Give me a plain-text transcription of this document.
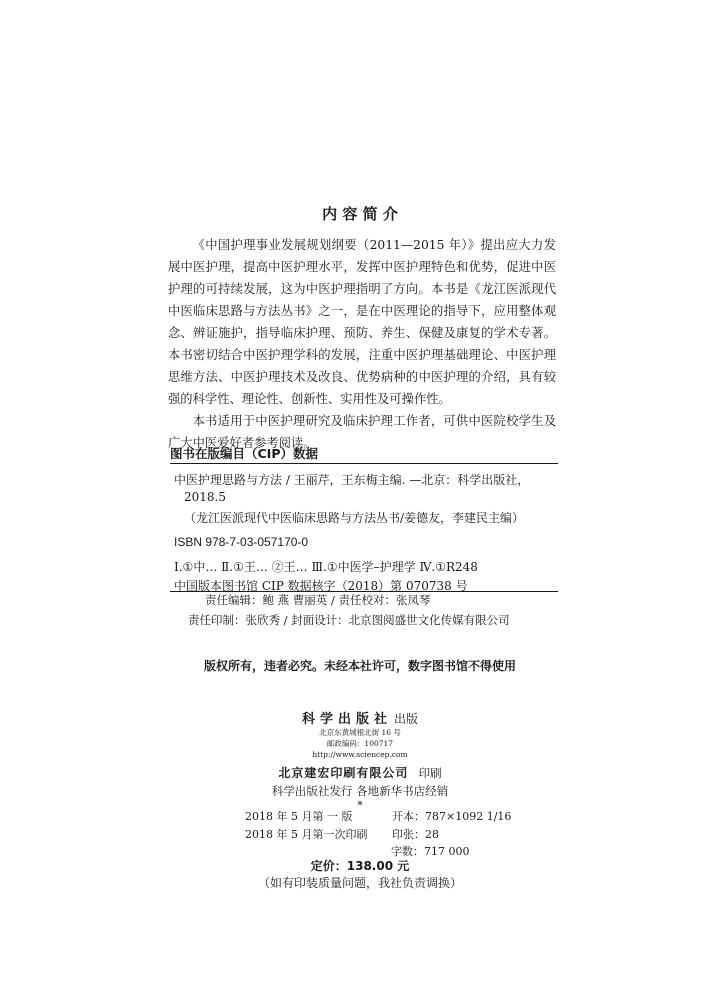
内 容 简 介

《中国护理事业发展规划纲要（2011—2015 年）》提出应大力发展中医护理，提高中医护理水平，发挥中医护理特色和优势，促进中医护理的可持续发展，这为中医护理指明了方向。本书是《龙江医派现代中医临床思路与方法丛书》之一，是在中医理论的指导下，应用整体观念、辨证施护，指导临床护理、预防、养生、保健及康复的学术专著。本书密切结合中医护理学科的发展，注重中医护理基础理论、中医护理思维方法、中医护理技术及改良、优势病种的中医护理的介绍，具有较强的科学性、理论性、创新性、实用性及可操作性。

本书适用于中医护理研究及临床护理工作者，可供中医院校学生及广大中医爱好者参考阅读。

图书在版编目（CIP）数据
中医护理思路与方法 / 王丽芹，王东梅主编. —北京：科学出版社，
2018.5
（龙江医派现代中医临床思路与方法丛书/姜德友，李建民主编）
ISBN 978-7-03-057170-0
Ⅰ.①中… Ⅱ.①王… ②王… Ⅲ.①中医学–护理学 Ⅳ.①R248
中国版本图书馆 CIP 数据核字（2018）第 070738 号
责任编辑：鲍 燕 曹丽英 / 责任校对：张凤琴
责任印制：张欣秀 / 封面设计：北京图阅盛世文化传媒有限公司
版权所有，违者必究。未经本社许可，数字图书馆不得使用
科学出版社 出版
北京东黄城根北街 16 号
邮政编码：100717
http://www.sciencep.com
北京建宏印刷有限公司 印刷
科学出版社发行 各地新华书店经销
*
2018 年 5 月第 一 版	开本：787×1092 1/16
2018 年 5 月第一次印刷 印张：28
字数：717 000
定价：138.00 元
（如有印装质量问题，我社负责调换）
